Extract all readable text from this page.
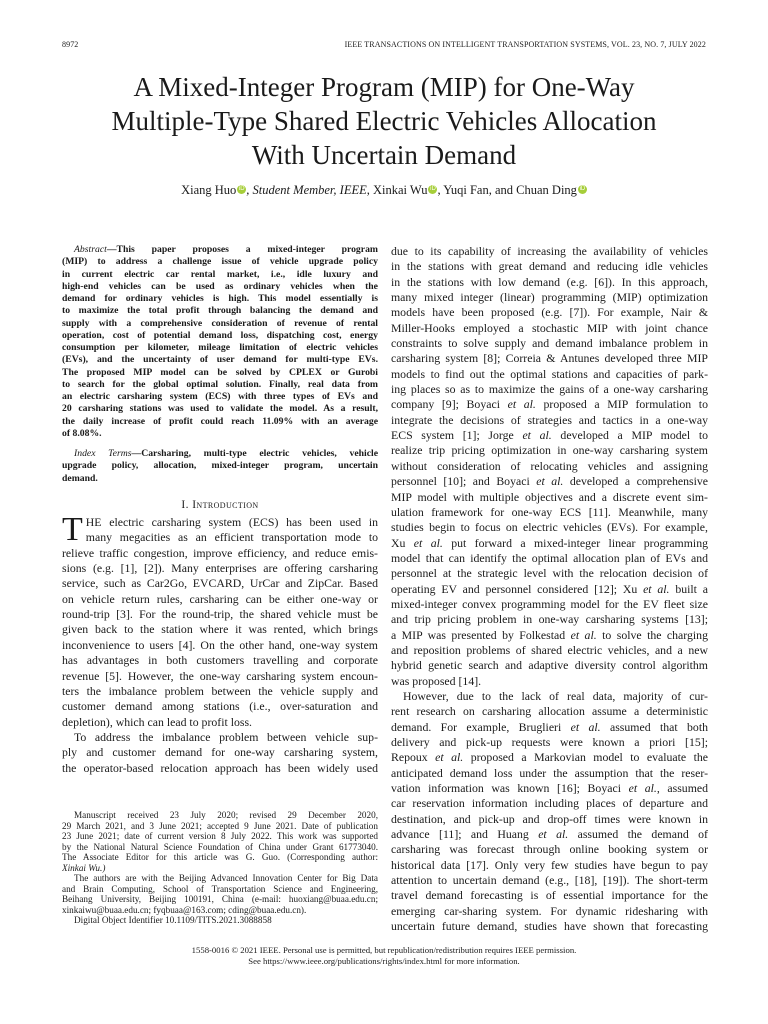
8972	IEEE TRANSACTIONS ON INTELLIGENT TRANSPORTATION SYSTEMS, VOL. 23, NO. 7, JULY 2022
A Mixed-Integer Program (MIP) for One-Way
Multiple-Type Shared Electric Vehicles Allocation
With Uncertain Demand
Xiang Huo iD , Student Member, IEEE, Xinkai Wu iD , Yuqi Fan, and Chuan Ding iD
Abstract—This paper proposes a mixed-integer program
(MIP) to address a challenge issue of vehicle upgrade policy
in current electric car rental market, i.e., idle luxury and
high-end vehicles can be used as ordinary vehicles when the
demand for ordinary vehicles is high. This model essentially is
to maximize the total profit through balancing the demand and
supply with a comprehensive consideration of revenue of rental
operation, cost of potential demand loss, dispatching cost, energy
consumption per kilometer, mileage limitation of electric vehicles
(EVs), and the uncertainty of user demand for multi-type EVs.
The proposed MIP model can be solved by CPLEX or Gurobi
to search for the global optimal solution. Finally, real data from
an electric carsharing system (ECS) with three types of EVs and
20 carsharing stations was used to validate the model. As a result,
the daily increase of profit could reach 11.09% with an average
of 8.08%.
Index Terms—Carsharing, multi-type electric vehicles, vehicle
upgrade policy, allocation, mixed-integer program, uncertain
demand.
I. Introduction
T HE electric carsharing system (ECS) has been used in
many megacities as an efficient transportation mode to
relieve traffic congestion, improve efficiency, and reduce emis-
sions (e.g. [1], [2]). Many enterprises are offering carsharing
service, such as Car2Go, EVCARD, UrCar and ZipCar. Based
on vehicle return rules, carsharing can be either one-way or
round-trip [3]. For the round-trip, the shared vehicle must be
given back to the station where it was rented, which brings
inconvenience to users [4]. On the other hand, one-way system
has advantages in both customers travelling and corporate
revenue [5]. However, the one-way carsharing system encoun-
ters the imbalance problem between the vehicle supply and
customer demand among stations (i.e., over-saturation and
depletion), which can lead to profit loss.
To address the imbalance problem between vehicle sup-
ply and customer demand for one-way carsharing system,
the operator-based relocation approach has been widely used
Manuscript received 23 July 2020; revised 29 December 2020,
29 March 2021, and 3 June 2021; accepted 9 June 2021. Date of publication
23 June 2021; date of current version 8 July 2022. This work was supported
by the National Natural Science Foundation of China under Grant 61773040.
The Associate Editor for this article was G. Guo. (Corresponding author:
Xinkai Wu.)
The authors are with the Beijing Advanced Innovation Center for Big Data
and Brain Computing, School of Transportation Science and Engineering,
Beihang University, Beijing 100191, China (e-mail: huoxiang@buaa.edu.cn;
xinkaiwu@buaa.edu.cn; fyqbuaa@163.com; cding@buaa.edu.cn).
Digital Object Identifier 10.1109/TITS.2021.3088858
due to its capability of increasing the availability of vehicles
in the stations with great demand and reducing idle vehicles
in the stations with low demand (e.g. [6]). In this approach,
many mixed integer (linear) programming (MIP) optimization
models have been proposed (e.g. [7]). For example, Nair &
Miller-Hooks employed a stochastic MIP with joint chance
constraints to solve supply and demand imbalance problem in
carsharing system [8]; Correia & Antunes developed three MIP
models to find out the optimal stations and capacities of park-
ing places so as to maximize the gains of a one-way carsharing
company [9]; Boyaci et al. proposed a MIP formulation to
integrate the decisions of strategies and tactics in a one-way
ECS system [1]; Jorge et al. developed a MIP model to
realize trip pricing optimization in one-way carsharing system
without consideration of relocating vehicles and assigning
personnel [10]; and Boyaci et al. developed a comprehensive
MIP model with multiple objectives and a discrete event sim-
ulation framework for one-way ECS [11]. Meanwhile, many
studies begin to focus on electric vehicles (EVs). For example,
Xu et al. put forward a mixed-integer linear programming
model that can identify the optimal allocation plan of EVs and
personnel at the strategic level with the relocation decision of
operating EV and personnel considered [12]; Xu et al. built a
mixed-integer convex programming model for the EV fleet size
and trip pricing problem in one-way carsharing systems [13];
a MIP was presented by Folkestad et al. to solve the charging
and reposition problems of shared electric vehicles, and a new
hybrid genetic search and adaptive diversity control algorithm
was proposed [14].
However, due to the lack of real data, majority of cur-
rent research on carsharing allocation assume a deterministic
demand. For example, Bruglieri et al. assumed that both
delivery and pick-up requests were known a priori [15];
Repoux et al. proposed a Markovian model to evaluate the
anticipated demand loss under the assumption that the reser-
vation information was known [16]; Boyaci et al., assumed
car reservation information including places of departure and
destination, and pick-up and drop-off times were known in
advance [11]; and Huang et al. assumed the demand of
carsharing was forecast through online booking system or
historical data [17]. Only very few studies have begun to pay
attention to uncertain demand (e.g., [18], [19]). The short-term
travel demand forecasting is of essential importance for the
emerging car-sharing system. For dynamic ridesharing with
uncertain future demand, studies have shown that forecasting
1558-0016 © 2021 IEEE. Personal use is permitted, but republication/redistribution requires IEEE permission.
See https://www.ieee.org/publications/rights/index.html for more information.
